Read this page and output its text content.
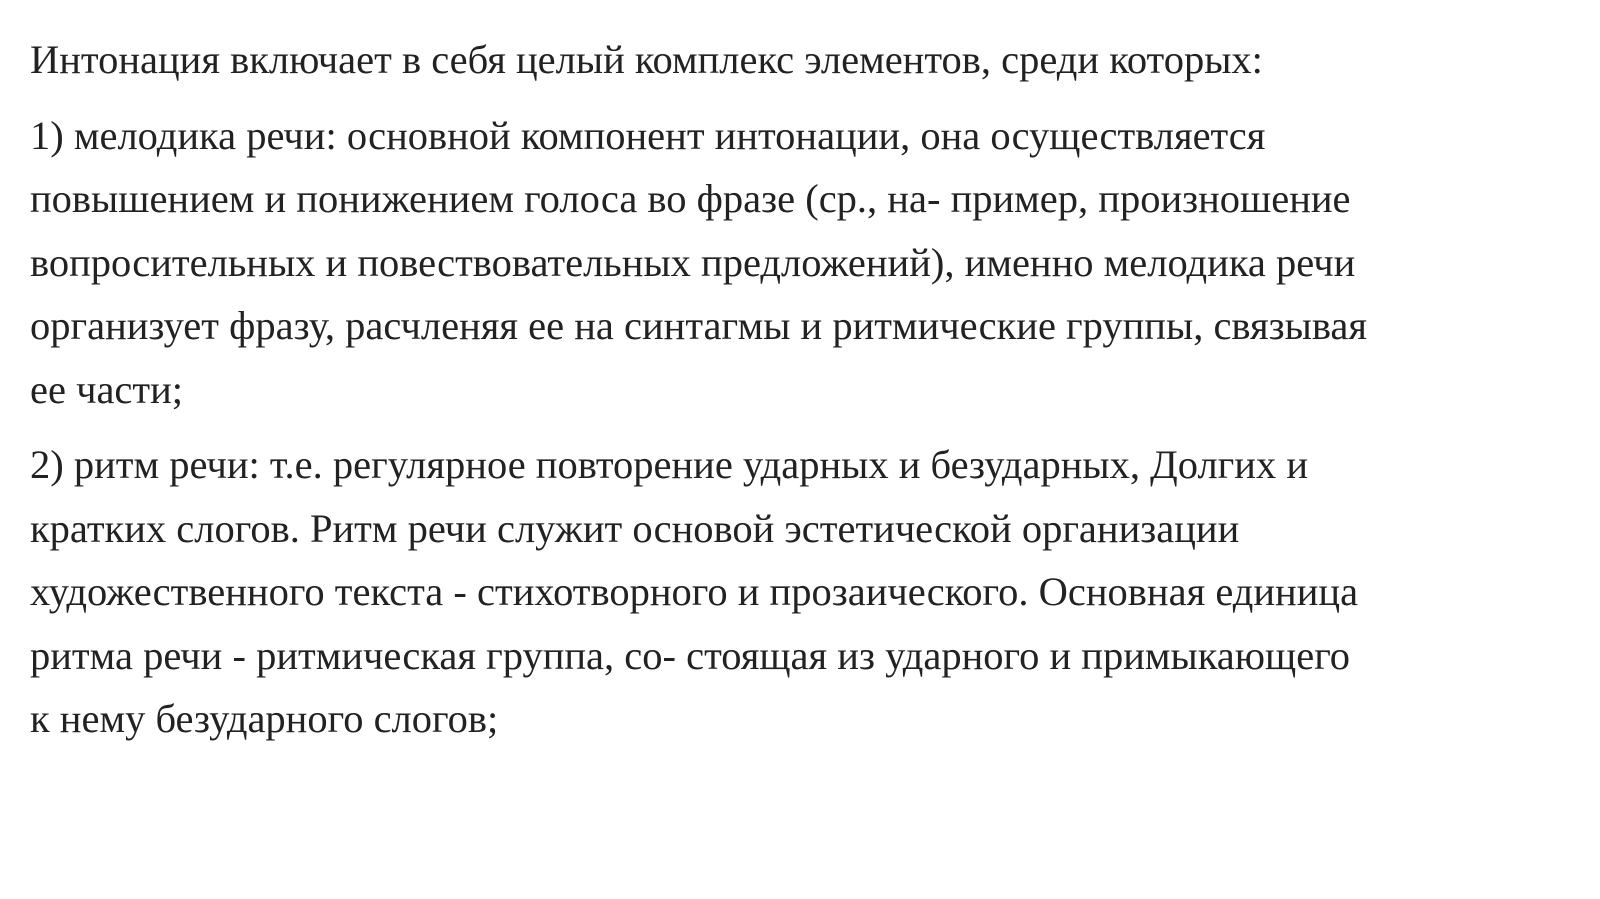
Интонация включает в себя целый комплекс элементов, среди которых:

1) мелодика речи: основной компонент интонации, она осуществляется
повышением и понижением голоса во фразе (ср., на- пример, произношение
вопросительных и повествовательных предложений), именно мелодика речи
организует фразу, расчленяя ее на синтагмы и ритмические группы, связывая
ее части;

2) ритм речи: т.е. регулярное повторение ударных и безударных, Долгих и
кратких слогов. Ритм речи служит основой эстетической организации
художественного текста - стихотворного и прозаического. Основная единица
ритма речи - ритмическая группа, со- стоящая из ударного и примыкающего
к нему безударного слогов;
